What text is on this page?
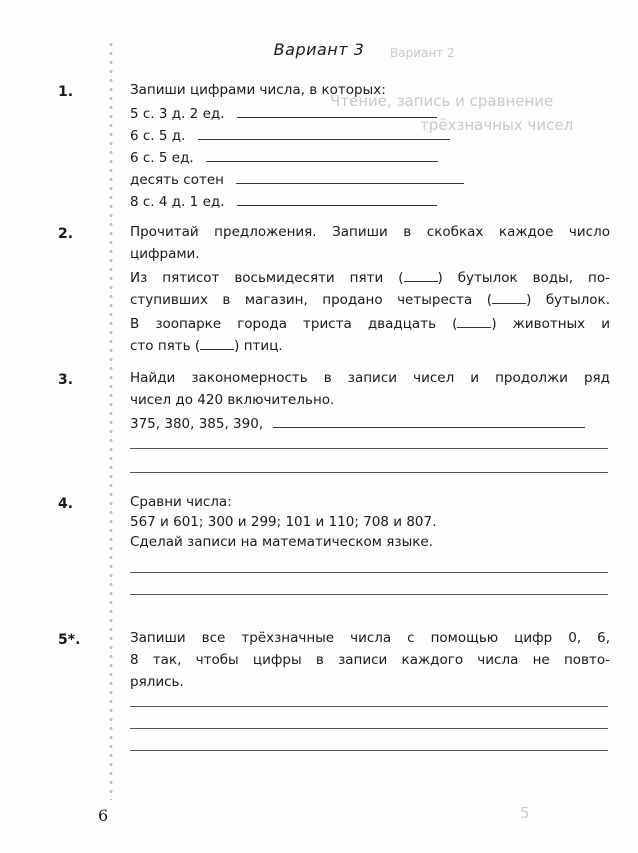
Вариант 2
Чтение, запись и сравнение
трёхзначных чисел
5
Вариант 3
1.	Запиши цифрами числа, в которых:
5 с. 3 д. 2 ед.
6 с. 5 д.
6 с. 5 ед.
десять сотен
8 с. 4 д. 1 ед.
2.	Прочитай предложения. Запиши в скобках каждое число
цифрами.
Из пятисот восьмидесяти пяти (	) бутылок воды, по-
ступивших в магазин, продано четыреста (	) бутылок.
В зоопарке города триста двадцать (	) животных и
сто пять (	) птиц.
3.	Найди закономерность в записи чисел и продолжи ряд
чисел до 420 включительно.
375, 380, 385, 390,
4.	Сравни числа:
567 и 601; 300 и 299; 101 и 110; 708 и 807.
Сделай записи на математическом языке.
5*.	Запиши все трёхзначные числа с помощью цифр 0, 6,
8 так, чтобы цифры в записи каждого числа не повто-
рялись.
6
